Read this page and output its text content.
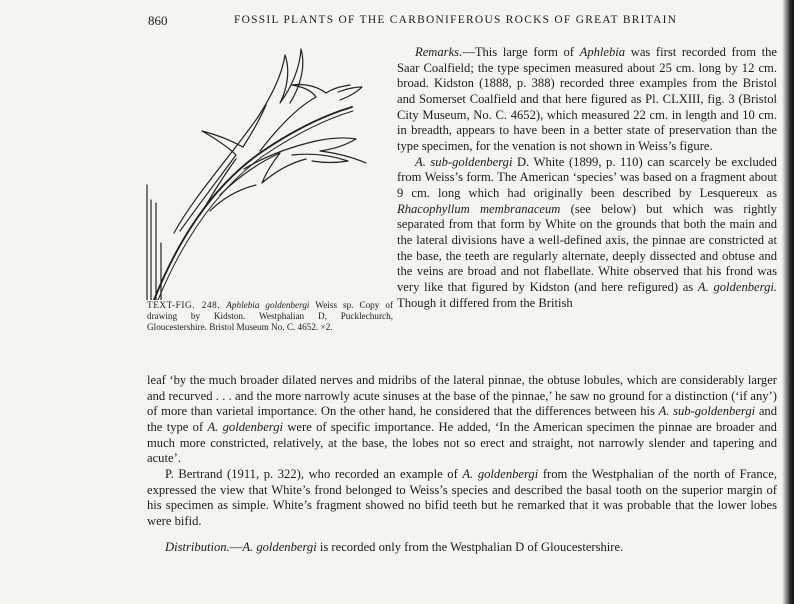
860	FOSSIL PLANTS OF THE CARBONIFEROUS ROCKS OF GREAT BRITAIN
TEXT-FIG. 248. Aphlebia goldenbergi Weiss sp. Copy of drawing by Kidston. Westphalian D, Pucklechurch, Gloucestershire. Bristol Museum No. C. 4652. ×2.

Remarks.—This large form of Aphlebia was first recorded from the Saar Coalfield; the type specimen measured about 25 cm. long by 12 cm. broad. Kidston (1888, p. 388) recorded three examples from the Bristol and Somerset Coalfield and that here figured as Pl. CLXIII, fig. 3 (Bristol City Museum, No. C. 4652), which measured 22 cm. in length and 10 cm. in breadth, appears to have been in a better state of preservation than the type specimen, for the venation is not shown in Weiss’s figure.

A. sub-goldenbergi D. White (1899, p. 110) can scarcely be excluded from Weiss’s form. The American ‘species’ was based on a fragment about 9 cm. long which had originally been described by Lesquereux as Rhacophyllum membranaceum (see below) but which was rightly separated from that form by White on the grounds that both the main and the lateral divisions have a well-defined axis, the pinnae are constricted at the base, the teeth are regularly alternate, deeply dissected and obtuse and the veins are broad and not flabellate. White observed that his frond was very like that figured by Kidston (and here refigured) as A. goldenbergi. Though it differed from the British

leaf ‘by the much broader dilated nerves and midribs of the lateral pinnae, the obtuse lobules, which are considerably larger and recurved . . . and the more narrowly acute sinuses at the base of the pinnae,’ he saw no ground for a distinction (‘if any’) of more than varietal importance. On the other hand, he considered that the differences between his A. sub-goldenbergi and the type of A. goldenbergi were of specific importance. He added, ‘In the American specimen the pinnae are broader and much more constricted, relatively, at the base, the lobes not so erect and straight, not narrowly slender and tapering and acute’.

P. Bertrand (1911, p. 322), who recorded an example of A. goldenbergi from the Westphalian of the north of France, expressed the view that White’s frond belonged to Weiss’s species and described the basal tooth on the superior margin of his specimen as simple. White’s fragment showed no bifid teeth but he remarked that it was probable that the lower lobes were bifid.

Distribution.—A. goldenbergi is recorded only from the Westphalian D of Gloucestershire.
